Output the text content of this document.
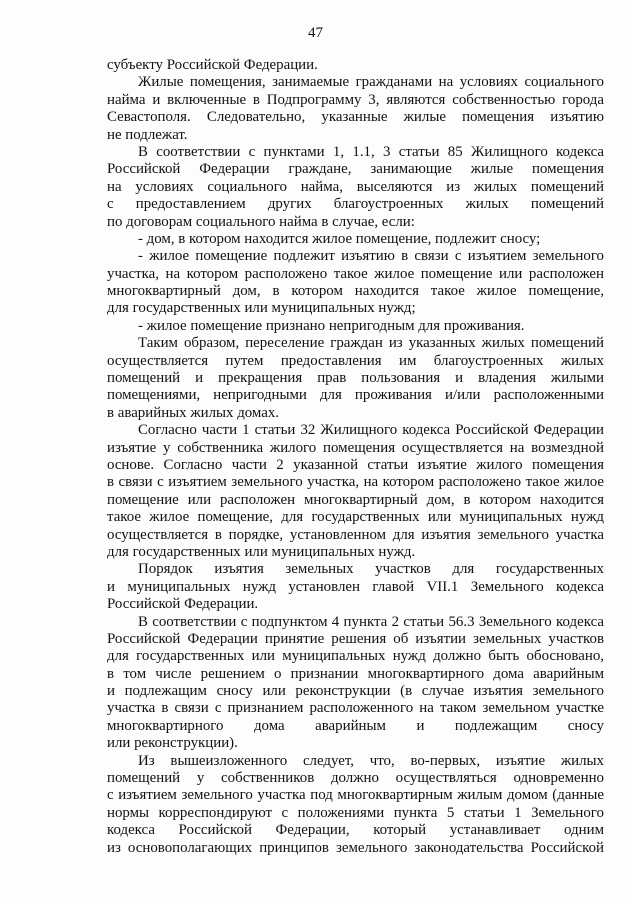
47
субъекту Российской Федерации.
Жилые помещения, занимаемые гражданами на условиях социального
найма и включенные в Подпрограмму 3, являются собственностью города
Севастополя. Следовательно, указанные жилые помещения изъятию
не подлежат.
В соответствии с пунктами 1, 1.1, 3 статьи 85 Жилищного кодекса
Российской Федерации граждане, занимающие жилые помещения
на условиях социального найма, выселяются из жилых помещений
с предоставлением других благоустроенных жилых помещений
по договорам социального найма в случае, если:
- дом, в котором находится жилое помещение, подлежит сносу;
- жилое помещение подлежит изъятию в связи с изъятием земельного
участка, на котором расположено такое жилое помещение или расположен
многоквартирный дом, в котором находится такое жилое помещение,
для государственных или муниципальных нужд;
- жилое помещение признано непригодным для проживания.
Таким образом, переселение граждан из указанных жилых помещений
осуществляется путем предоставления им благоустроенных жилых
помещений и прекращения прав пользования и владения жилыми
помещениями, непригодными для проживания и/или расположенными
в аварийных жилых домах.
Согласно части 1 статьи 32 Жилищного кодекса Российской Федерации
изъятие у собственника жилого помещения осуществляется на возмездной
основе. Согласно части 2 указанной статьи изъятие жилого помещения
в связи с изъятием земельного участка, на котором расположено такое жилое
помещение или расположен многоквартирный дом, в котором находится
такое жилое помещение, для государственных или муниципальных нужд
осуществляется в порядке, установленном для изъятия земельного участка
для государственных или муниципальных нужд.
Порядок изъятия земельных участков для государственных
и муниципальных нужд установлен главой VII.1 Земельного кодекса
Российской Федерации.
В соответствии с подпунктом 4 пункта 2 статьи 56.3 Земельного кодекса
Российской Федерации принятие решения об изъятии земельных участков
для государственных или муниципальных нужд должно быть обосновано,
в том числе решением о признании многоквартирного дома аварийным
и подлежащим сносу или реконструкции (в случае изъятия земельного
участка в связи с признанием расположенного на таком земельном участке
многоквартирного дома аварийным и подлежащим сносу
или реконструкции).
Из вышеизложенного следует, что, во-первых, изъятие жилых
помещений у собственников должно осуществляться одновременно
с изъятием земельного участка под многоквартирным жилым домом (данные
нормы корреспондируют с положениями пункта 5 статьи 1 Земельного
кодекса Российской Федерации, который устанавливает одним
из основополагающих принципов земельного законодательства Российской
